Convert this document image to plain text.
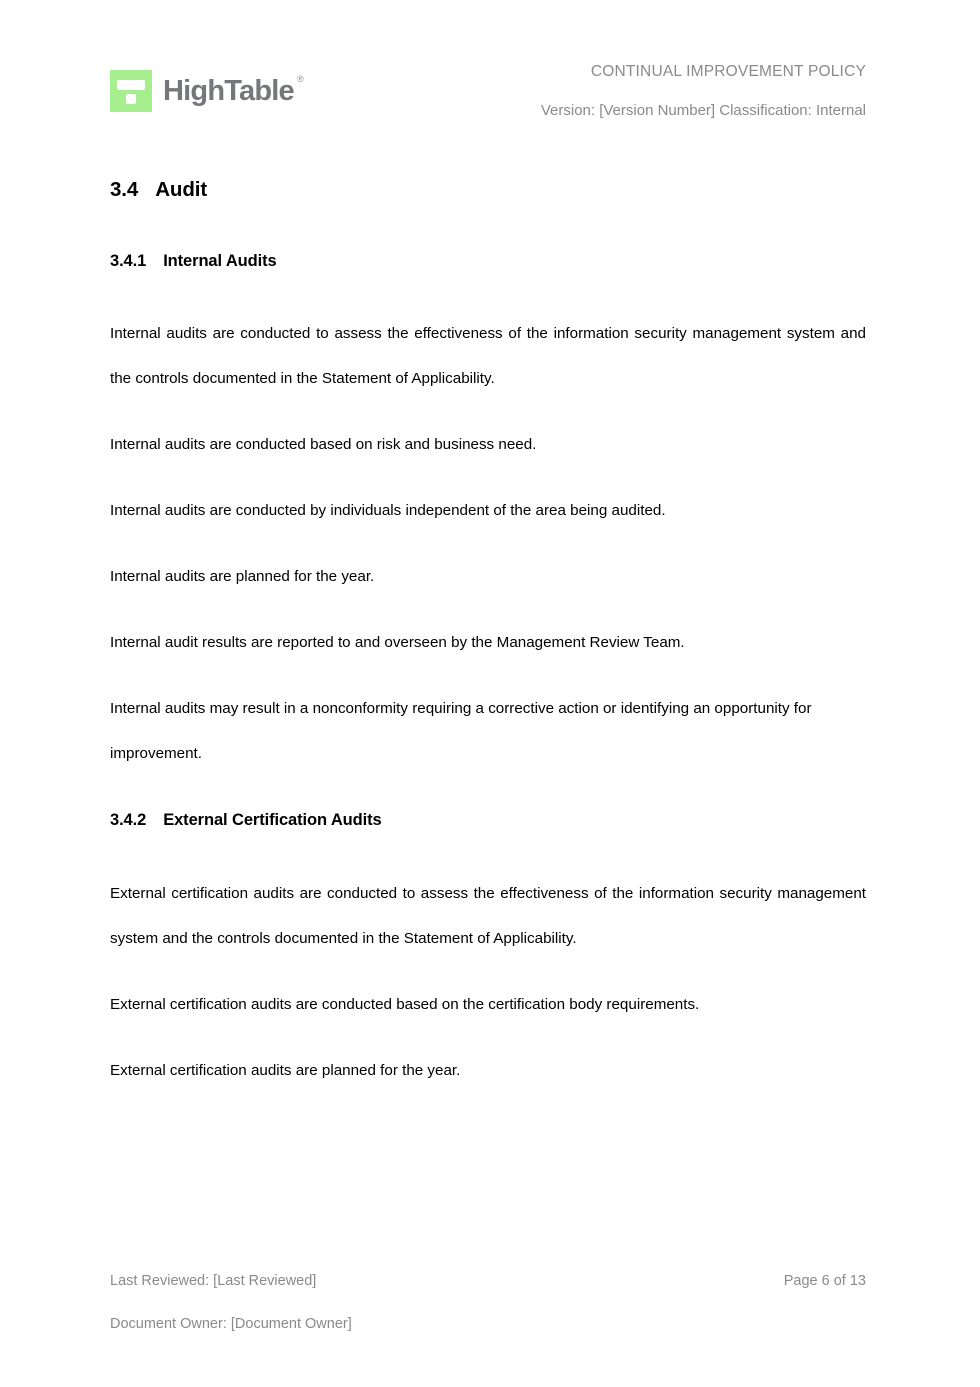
HighTable ®	CONTINUAL IMPROVEMENT POLICY
Version: [Version Number] Classification: Internal
3.4 Audit
3.4.1 Internal Audits

Internal audits are conducted to assess the effectiveness of the information security management system and the controls documented in the Statement of Applicability.

Internal audits are conducted based on risk and business need.

Internal audits are conducted by individuals independent of the area being audited.

Internal audits are planned for the year.

Internal audit results are reported to and overseen by the Management Review Team.

Internal audits may result in a nonconformity requiring a corrective action or identifying an opportunity for improvement.

3.4.2 External Certification Audits

External certification audits are conducted to assess the effectiveness of the information security management system and the controls documented in the Statement of Applicability.

External certification audits are conducted based on the certification body requirements.

External certification audits are planned for the year.

Last Reviewed: [Last Reviewed]	Page 6 of 13
Document Owner: [Document Owner]
